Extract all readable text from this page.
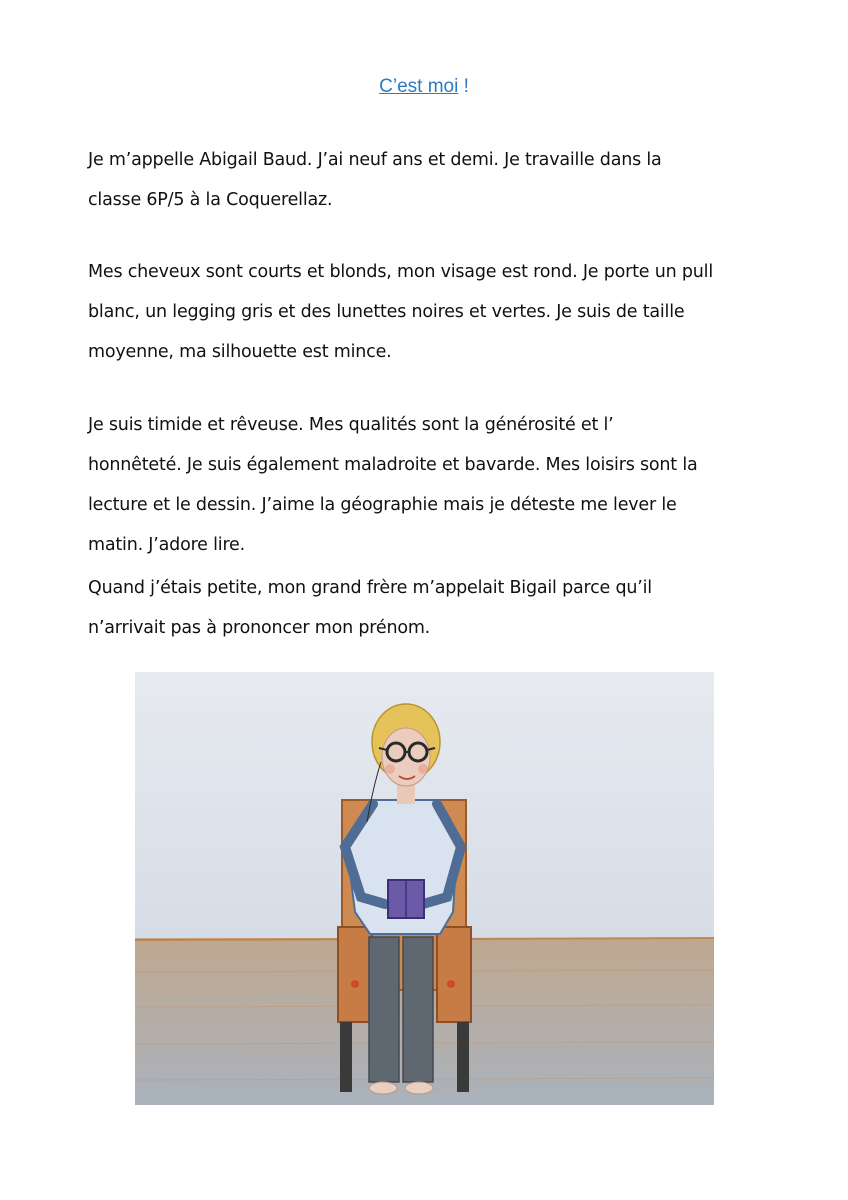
C’est moi !
Je m’appelle Abigail Baud. J’ai neuf ans et demi. Je travaille dans la
classe 6P/5 à la Coquerellaz.
Mes cheveux sont courts et blonds, mon visage est rond. Je porte un pull
blanc, un legging gris et des lunettes noires et vertes. Je suis de taille
moyenne, ma silhouette est mince.
Je suis timide et rêveuse. Mes qualités sont la générosité et l’
honnêteté. Je suis également maladroite et bavarde. Mes loisirs sont la
lecture et le dessin. J’aime la géographie mais je déteste me lever le
matin. J’adore lire.
Quand j’étais petite, mon grand frère m’appelait Bigail parce qu’il
n’arrivait pas à prononcer mon prénom.
